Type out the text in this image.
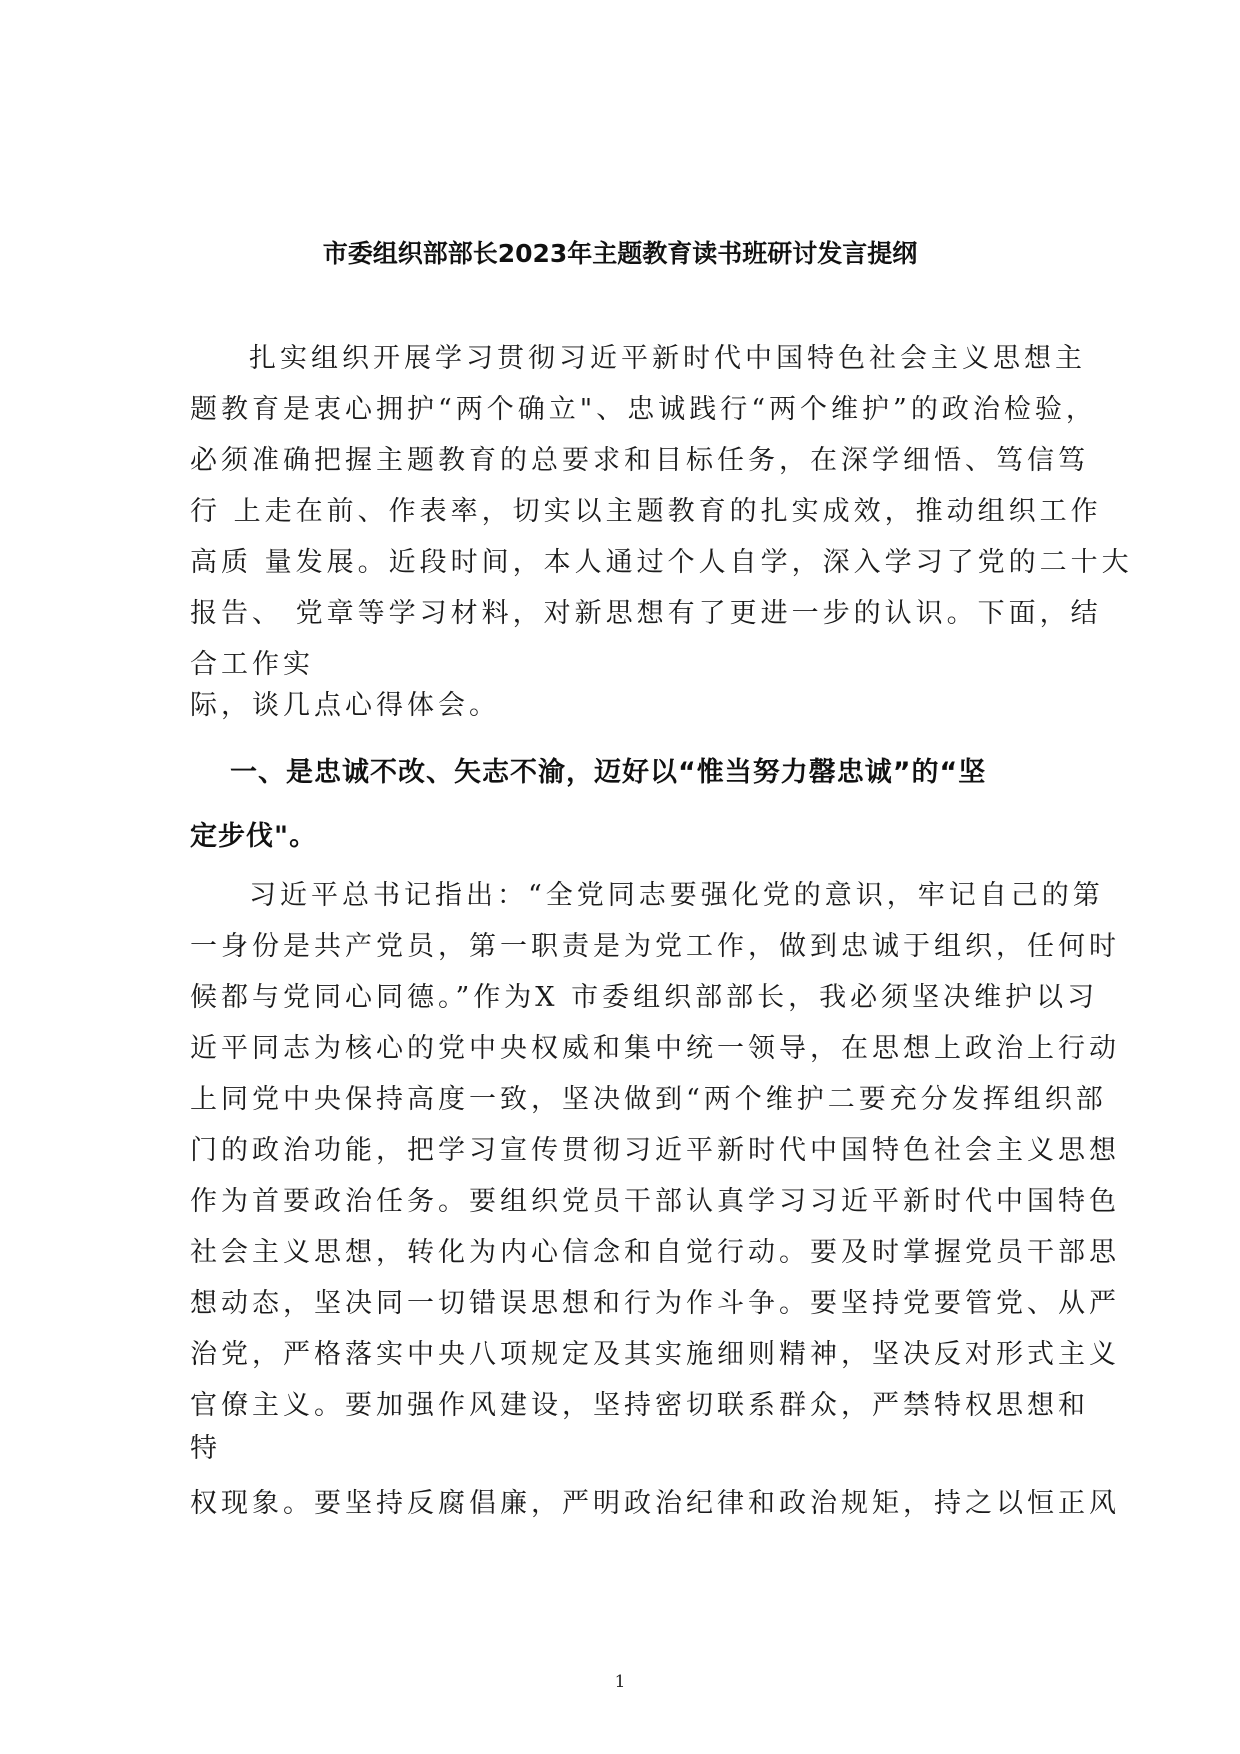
市委组织部部长2023年主题教育读书班研讨发言提纲
　扎实组织开展学习贯彻习近平新时代中国特色社会主义思想主
题教育是衷心拥护“两个确立"、忠诚践行“两个维护”的政治检验，
必须准确把握主题教育的总要求和目标任务，在深学细悟、笃信笃
行 上走在前、作表率，切实以主题教育的扎实成效，推动组织工作
高质 量发展。近段时间，本人通过个人自学，深入学习了党的二十大
报告、 党章等学习材料，对新思想有了更进一步的认识。下面，结
合工作实
际，谈几点心得体会。
　一、是忠诚不改、矢志不渝，迈好以“惟当努力罄忠诚”的“坚
定步伐"。
　习近平总书记指出：“全党同志要强化党的意识，牢记自己的第
一身份是共产党员，第一职责是为党工作，做到忠诚于组织，任何时
候都与党同心同德。”作为X 市委组织部部长，我必须坚决维护以习
近平同志为核心的党中央权威和集中统一领导，在思想上政治上行动
上同党中央保持高度一致，坚决做到“两个维护二要充分发挥组织部
门的政治功能，把学习宣传贯彻习近平新时代中国特色社会主义思想
作为首要政治任务。要组织党员干部认真学习习近平新时代中国特色
社会主义思想，转化为内心信念和自觉行动。要及时掌握党员干部思
想动态，坚决同一切错误思想和行为作斗争。要坚持党要管党、从严
治党，严格落实中央八项规定及其实施细则精神，坚决反对形式主义
官僚主义。要加强作风建设，坚持密切联系群众，严禁特权思想和
特
权现象。要坚持反腐倡廉，严明政治纪律和政治规矩，持之以恒正风
1
